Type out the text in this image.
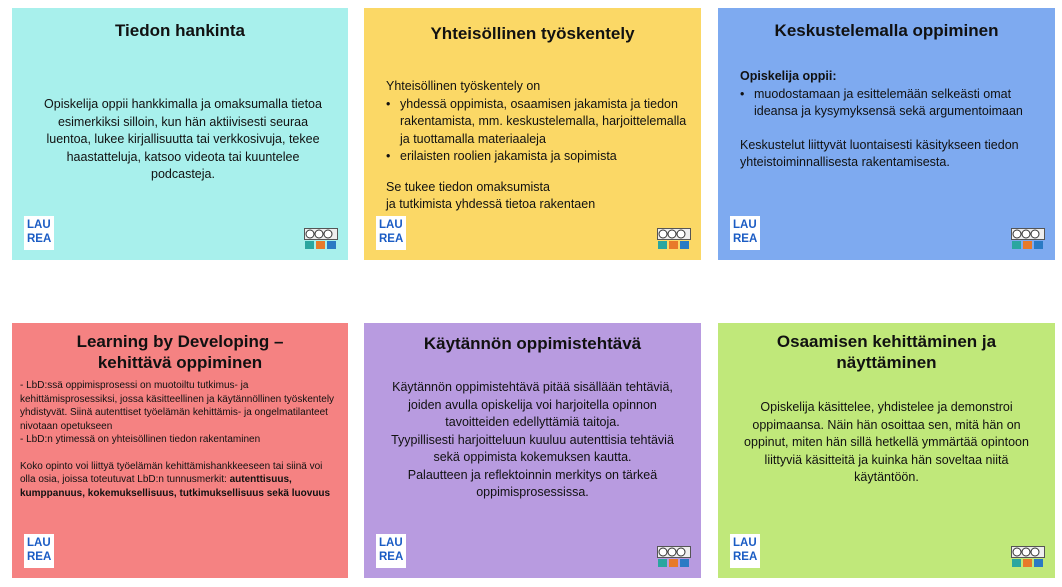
Tiedon hankinta

Opiskelija oppii hankkimalla ja omaksumalla tietoa esimerkiksi silloin, kun hän aktiivisesti seuraa luentoa, lukee kirjallisuutta tai verkkosivuja, tekee haastatteluja, katsoo videota tai kuuntelee podcasteja.

LAU
REA
Yhteisöllinen työskentely

Yhteisöllinen työskentely on

• yhdessä oppimista, osaamisen jakamista ja tiedon rakentamista, mm. keskustelemalla, harjoittelemalla ja tuottamalla materiaaleja
• erilaisten roolien jakamista ja sopimista

Se tukee tiedon omaksumista

ja tutkimista yhdessä tietoa rakentaen

LAU
REA
Keskustelemalla oppiminen

Opiskelija oppii:

• muodostamaan ja esittelemään selkeästi omat ideansa ja kysymyksensä sekä argumentoimaan

Keskustelut liittyvät luontaisesti käsitykseen tiedon yhteistoiminnallisesta rakentamisesta.

LAU
REA
Learning by Developing –
kehittävä oppiminen

- LbD:ssä oppimisprosessi on muotoiltu tutkimus- ja kehittämisprosessiksi, jossa käsitteellinen ja käytännöllinen työskentely yhdistyvät. Siinä autenttiset työelämän kehittämis- ja ongelmatilanteet nivotaan opetukseen

- LbD:n ytimessä on yhteisöllinen tiedon rakentaminen

Koko opinto voi liittyä työelämän kehittämishankkeeseen tai siinä voi olla osia, joissa toteutuvat LbD:n tunnusmerkit: autenttisuus, kumppanuus, kokemuksellisuus, tutkimuksellisuus sekä luovuus

LAU
REA
Käytännön oppimistehtävä

Käytännön oppimistehtävä pitää sisällään tehtäviä, joiden avulla opiskelija voi harjoitella opinnon tavoitteiden edellyttämiä taitoja.

Tyypillisesti harjoitteluun kuuluu autenttisia tehtäviä sekä oppimista kokemuksen kautta.

Palautteen ja reflektoinnin merkitys on tärkeä oppimisprosessissa.

LAU
REA
Osaamisen kehittäminen ja
näyttäminen

Opiskelija käsittelee, yhdistelee ja demonstroi oppimaansa. Näin hän osoittaa sen, mitä hän on oppinut, miten hän sillä hetkellä ymmärtää opintoon liittyviä käsitteitä ja kuinka hän soveltaa niitä käytäntöön.

LAU
REA
